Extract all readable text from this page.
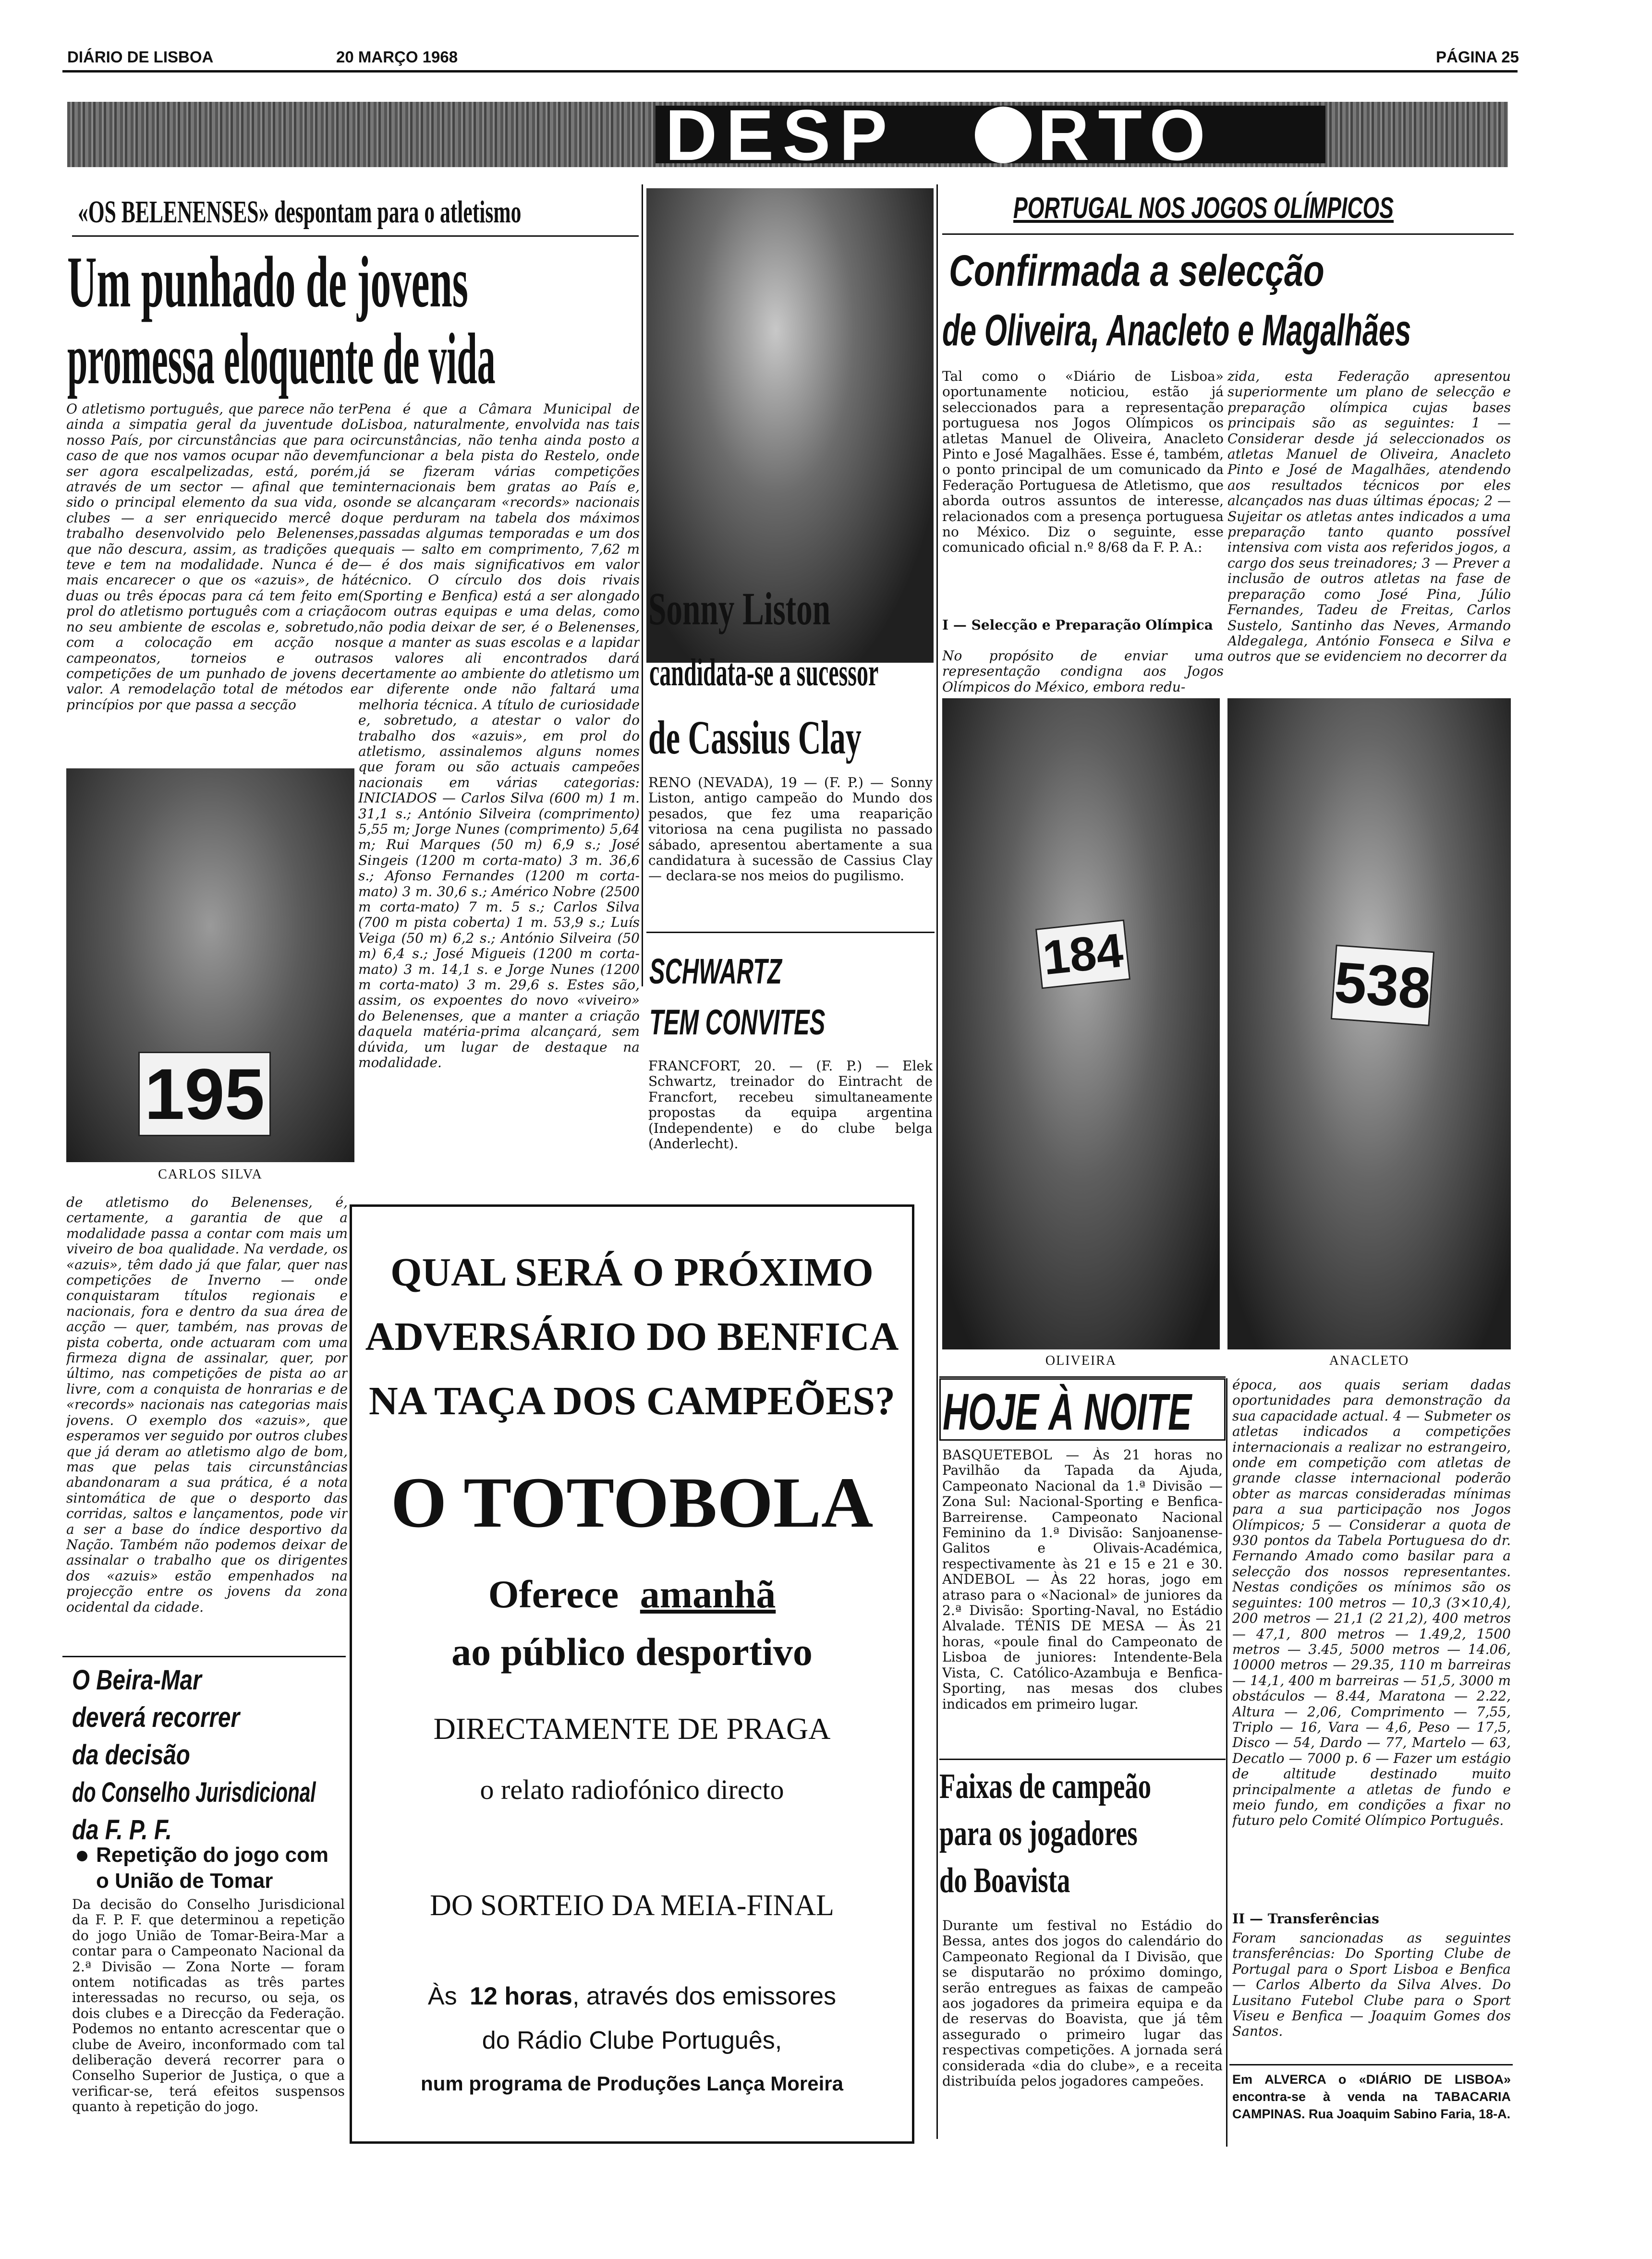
DIÁRIO DE LISBOA	20 MARÇO 1968	PÁGINA 25
DESP RTO
«OS BELENENSES» despontam para o atletismo
Um punhado de jovens
promessa eloquente de vida
O atletismo português, que parece não ter ainda a simpatia geral da juventude do nosso País, por circunstâncias que para o caso de que nos vamos ocupar não devem ser agora escalpelizadas, está, porém, através de um sector — afinal que tem sido o principal elemento da sua vida, os clubes — a ser enriquecido mercê do trabalho desenvolvido pelo Belenenses, que não descura, assim, as tradições que teve e tem na modalidade. Nunca é de mais encarecer o que os «azuis», de há duas ou três épocas para cá tem feito em prol do atletismo português com a criação no seu ambiente de escolas e, sobretudo, com a colocação em acção nos campeonatos, torneios e outras competições de um punhado de jovens de valor. A remodelação total de métodos e princípios por que passa a secção
Pena é que a Câmara Municipal de Lisboa, naturalmente, envolvida nas tais circunstâncias, não tenha ainda posto a funcionar a bela pista do Restelo, onde já se fizeram várias competições internacionais bem gratas ao País e, onde se alcançaram «records» nacionais que perduram na tabela dos máximos passadas algumas temporadas e um dos quais — salto em comprimento, 7,62 m — é dos mais significativos em valor técnico. O círculo dos dois rivais (Sporting e Benfica) está a ser alongado com outras equipas e uma delas, como não podia deixar de ser, é o Belenenses, que a manter as suas escolas e a lapidar os valores ali encontrados dará certamente ao ambiente do atletismo um ar diferente onde não faltará uma melhoria técnica. A título de curiosidade e, sobretudo, a atestar o valor do trabalho dos «azuis», em prol do atletismo, assinalemos alguns nomes que foram ou são actuais campeões nacionais em várias categorias: INICIADOS — Carlos Silva (600 m) 1 m. 31,1 s.; António Silveira (comprimento) 5,55 m; Jorge Nunes (comprimento) 5,64 m; Rui Marques (50 m) 6,9 s.; José Singeis (1200 m corta-mato) 3 m. 36,6 s.; Afonso Fernandes (1200 m corta-mato) 3 m. 30,6 s.; Américo Nobre (2500 m corta-mato) 7 m. 5 s.; Carlos Silva (700 m pista coberta) 1 m. 53,9 s.; Luís Veiga (50 m) 6,2 s.; António Silveira (50 m) 6,4 s.; José Migueis (1200 m corta-mato) 3 m. 14,1 s. e Jorge Nunes (1200 m corta-mato) 3 m. 29,6 s. Estes são, assim, os expoentes do novo «viveiro» do Belenenses, que a manter a criação daquela matéria-prima alcançará, sem dúvida, um lugar de destaque na modalidade.
195
CARLOS SILVA
de atletismo do Belenenses, é, certamente, a garantia de que a modalidade passa a contar com mais um viveiro de boa qualidade. Na verdade, os «azuis», têm dado já que falar, quer nas competições de Inverno — onde conquistaram títulos regionais e nacionais, fora e dentro da sua área de acção — quer, também, nas provas de pista coberta, onde actuaram com uma firmeza digna de assinalar, quer, por último, nas competições de pista ao ar livre, com a conquista de honrarias e de «records» nacionais nas categorias mais jovens. O exemplo dos «azuis», que esperamos ver seguido por outros clubes que já deram ao atletismo algo de bom, mas que pelas tais circunstâncias abandonaram a sua prática, é a nota sintomática de que o desporto das corridas, saltos e lançamentos, pode vir a ser a base do índice desportivo da Nação. Também não podemos deixar de assinalar o trabalho que os dirigentes dos «azuis» estão empenhados na projecção entre os jovens da zona ocidental da cidade.
O Beira-Mar
deverá recorrer
da decisão
do Conselho Jurisdicional
da F. P. F.
Repetição do jogo com
o União de Tomar
Da decisão do Conselho Jurisdicional da F. P. F. que determinou a repetição do jogo União de Tomar-Beira-Mar a contar para o Campeonato Nacional da 2.ª Divisão — Zona Norte — foram ontem notificadas as três partes interessadas no recurso, ou seja, os dois clubes e a Direcção da Federação. Podemos no entanto acrescentar que o clube de Aveiro, inconformado com tal deliberação deverá recorrer para o Conselho Superior de Justiça, o que a verificar-se, terá efeitos suspensos quanto à repetição do jogo.
Sonny Liston
candidata-se a sucessor
de Cassius Clay
RENO (NEVADA), 19 — (F. P.) — Sonny Liston, antigo campeão do Mundo dos pesados, que fez uma reaparição vitoriosa na cena pugilista no passado sábado, apresentou abertamente a sua candidatura à sucessão de Cassius Clay — declara-se nos meios do pugilismo.
SCHWARTZ
TEM CONVITES
FRANCFORT, 20. — (F. P.) — Elek Schwartz, treinador do Eintracht de Francfort, recebeu simultaneamente propostas da equipa argentina (Independente) e do clube belga (Anderlecht).
QUAL SERÁ O PRÓXIMO
ADVERSÁRIO DO BENFICA
NA TAÇA DOS CAMPEÕES?
O TOTOBOLA
Oferece amanhã
ao público desportivo
DIRECTAMENTE DE PRAGA
o relato radiofónico directo
DO SORTEIO DA MEIA-FINAL
Às 12 horas, através dos emissores
do Rádio Clube Português,
num programa de Produções Lança Moreira
PORTUGAL NOS JOGOS OLÍMPICOS
Confirmada a selecção
de Oliveira, Anacleto e Magalhães
Tal como o «Diário de Lisboa» oportunamente noticiou, estão já seleccionados para a representação portuguesa nos Jogos Olímpicos os atletas Manuel de Oliveira, Anacleto Pinto e José Magalhães. Esse é, também, o ponto principal de um comunicado da Federação Portuguesa de Atletismo, que aborda outros assuntos de interesse, relacionados com a presença portuguesa no México. Diz o seguinte, esse comunicado oficial n.º 8/68 da F. P. A.:
I — Selecção e Preparação Olímpica
No propósito de enviar uma representação condigna aos Jogos Olímpicos do México, embora redu-
zida, esta Federação apresentou superiormente um plano de selecção e preparação olímpica cujas bases principais são as seguintes: 1 — Considerar desde já seleccionados os atletas Manuel de Oliveira, Anacleto Pinto e José de Magalhães, atendendo aos resultados técnicos por eles alcançados nas duas últimas épocas; 2 — Sujeitar os atletas antes indicados a uma preparação tanto quanto possível intensiva com vista aos referidos jogos, a cargo dos seus treinadores; 3 — Prever a inclusão de outros atletas na fase de preparação como José Pina, Júlio Fernandes, Tadeu de Freitas, Carlos Sustelo, Santinho das Neves, Armando Aldegalega, António Fonseca e Silva e outros que se evidenciem no decorrer da
184
OLIVEIRA
538
ANACLETO
época, aos quais seriam dadas oportunidades para demonstração da sua capacidade actual. 4 — Submeter os atletas indicados a competições internacionais a realizar no estrangeiro, onde em competição com atletas de grande classe internacional poderão obter as marcas consideradas mínimas para a sua participação nos Jogos Olímpicos; 5 — Considerar a quota de 930 pontos da Tabela Portuguesa do dr. Fernando Amado como basilar para a selecção dos nossos representantes. Nestas condições os mínimos são os seguintes: 100 metros — 10,3 (3×10,4), 200 metros — 21,1 (2 21,2), 400 metros — 47,1, 800 metros — 1.49,2, 1500 metros — 3.45, 5000 metros — 14.06, 10000 metros — 29.35, 110 m barreiras — 14,1, 400 m barreiras — 51,5, 3000 m obstáculos — 8.44, Maratona — 2.22, Altura — 2,06, Comprimento — 7,55, Triplo — 16, Vara — 4,6, Peso — 17,5, Disco — 54, Dardo — 77, Martelo — 63, Decatlo — 7000 p. 6 — Fazer um estágio de altitude destinado muito principalmente a atletas de fundo e meio fundo, em condições a fixar no futuro pelo Comité Olímpico Português.
II — Transferências
Foram sancionadas as seguintes transferências: Do Sporting Clube de Portugal para o Sport Lisboa e Benfica — Carlos Alberto da Silva Alves. Do Lusitano Futebol Clube para o Sport Viseu e Benfica — Joaquim Gomes dos Santos.
HOJE À NOITE
BASQUETEBOL — Às 21 horas no Pavilhão da Tapada da Ajuda, Campeonato Nacional da 1.ª Divisão — Zona Sul: Nacional-Sporting e Benfica-Barreirense. Campeonato Nacional Feminino da 1.ª Divisão: Sanjoanense-Galitos e Olivais-Académica, respectivamente às 21 e 15 e 21 e 30. ANDEBOL — Às 22 horas, jogo em atraso para o «Nacional» de juniores da 2.ª Divisão: Sporting-Naval, no Estádio Alvalade. TÉNIS DE MESA — Às 21 horas, «poule final do Campeonato de Lisboa de juniores: Intendente-Bela Vista, C. Católico-Azambuja e Benfica-Sporting, nas mesas dos clubes indicados em primeiro lugar.
Faixas de campeão
para os jogadores
do Boavista
Durante um festival no Estádio do Bessa, antes dos jogos do calendário do Campeonato Regional da I Divisão, que se disputarão no próximo domingo, serão entregues as faixas de campeão aos jogadores da primeira equipa e da de reservas do Boavista, que já têm assegurado o primeiro lugar das respectivas competições. A jornada será considerada «dia do clube», e a receita distribuída pelos jogadores campeões.	Em ALVERCA o «DIÁRIO DE LISBOA» encontra-se à venda na TABACARIA CAMPINAS. Rua Joaquim Sabino Faria, 18-A.
